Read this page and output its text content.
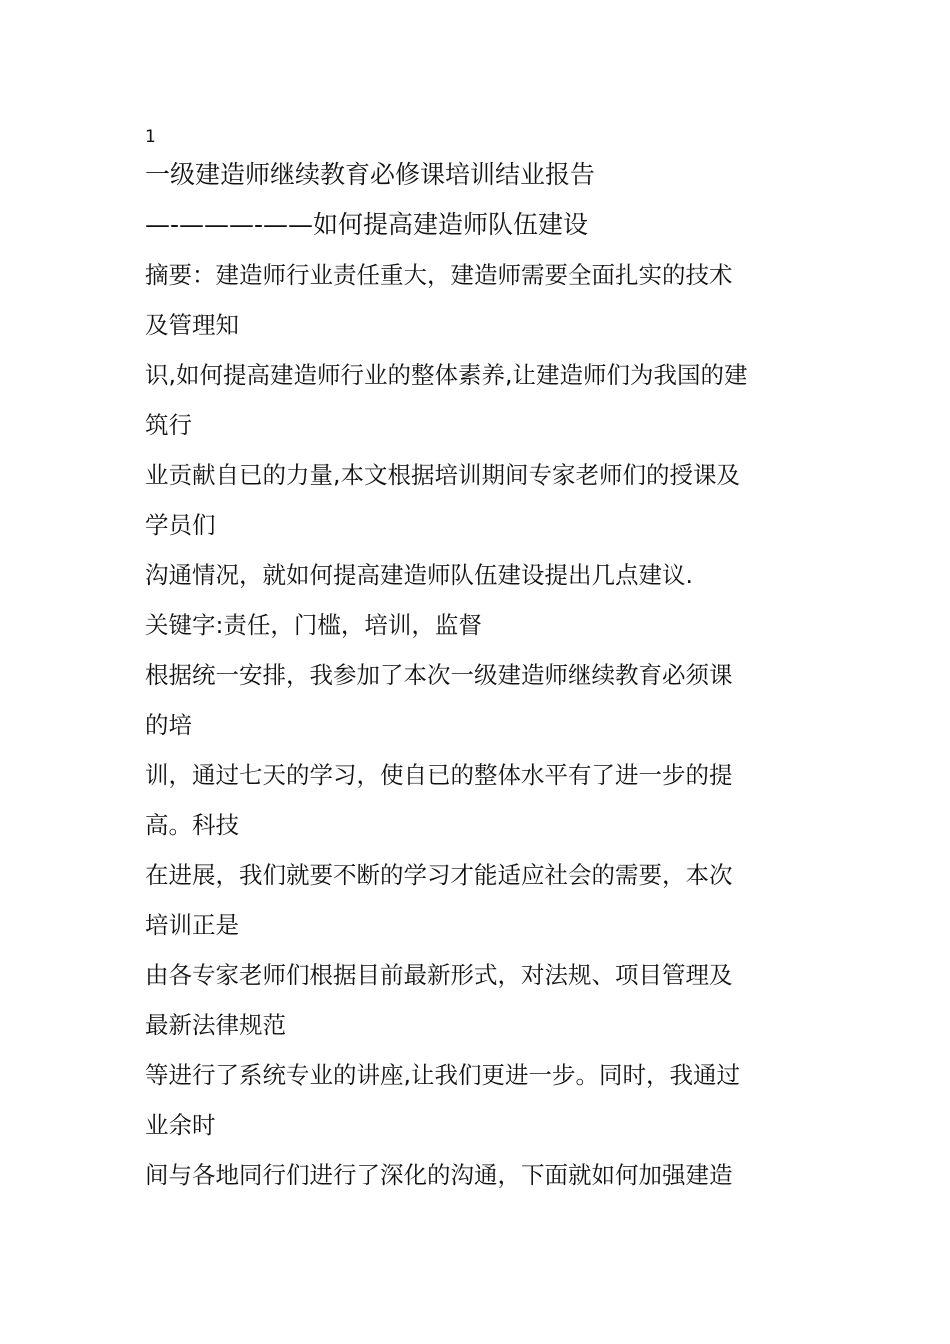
1
一级建造师继续教育必修课培训结业报告
—-———-——如何提高建造师队伍建设
摘要：建造师行业责任重大，建造师需要全面扎实的技术
及管理知
识,如何提高建造师行业的整体素养,让建造师们为我国的建
筑行
业贡献自已的力量,本文根据培训期间专家老师们的授课及
学员们
沟通情况，就如何提高建造师队伍建设提出几点建议.
关键字:责任，门槛，培训，监督
根据统一安排，我参加了本次一级建造师继续教育必须课
的培
训，通过七天的学习，使自已的整体水平有了进一步的提
高。科技
在进展，我们就要不断的学习才能适应社会的需要，本次
培训正是
由各专家老师们根据目前最新形式，对法规、项目管理及
最新法律规范
等进行了系统专业的讲座,让我们更进一步。同时，我通过
业余时
间与各地同行们进行了深化的沟通，下面就如何加强建造
